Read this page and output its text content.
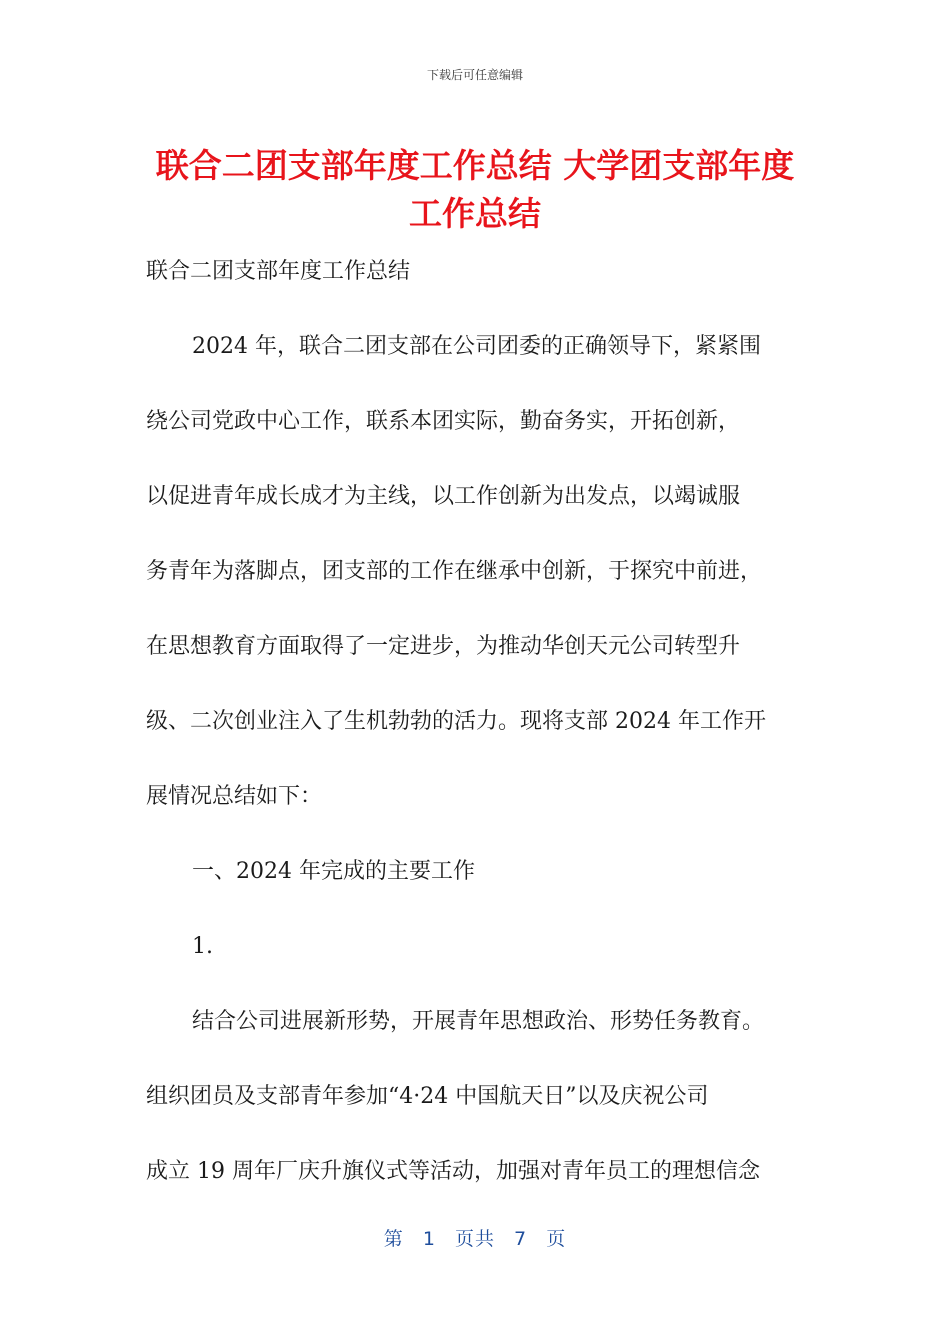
下载后可任意编辑
联合二团支部年度工作总结 大学团支部年度
工作总结
联合二团支部年度工作总结
2024 年，联合二团支部在公司团委的正确领导下，紧紧围
绕公司党政中心工作，联系本团实际，勤奋务实，开拓创新，
以促进青年成长成才为主线，以工作创新为出发点，以竭诚服
务青年为落脚点，团支部的工作在继承中创新，于探究中前进，
在思想教育方面取得了一定进步，为推动华创天元公司转型升
级、二次创业注入了生机勃勃的活力。现将支部 2024 年工作开
展情况总结如下：
一、2024 年完成的主要工作
1.
结合公司进展新形势，开展青年思想政治、形势任务教育。
组织团员及支部青年参加“4·24 中国航天日”以及庆祝公司
成立 19 周年厂庆升旗仪式等活动，加强对青年员工的理想信念
第 1 页共 7 页
